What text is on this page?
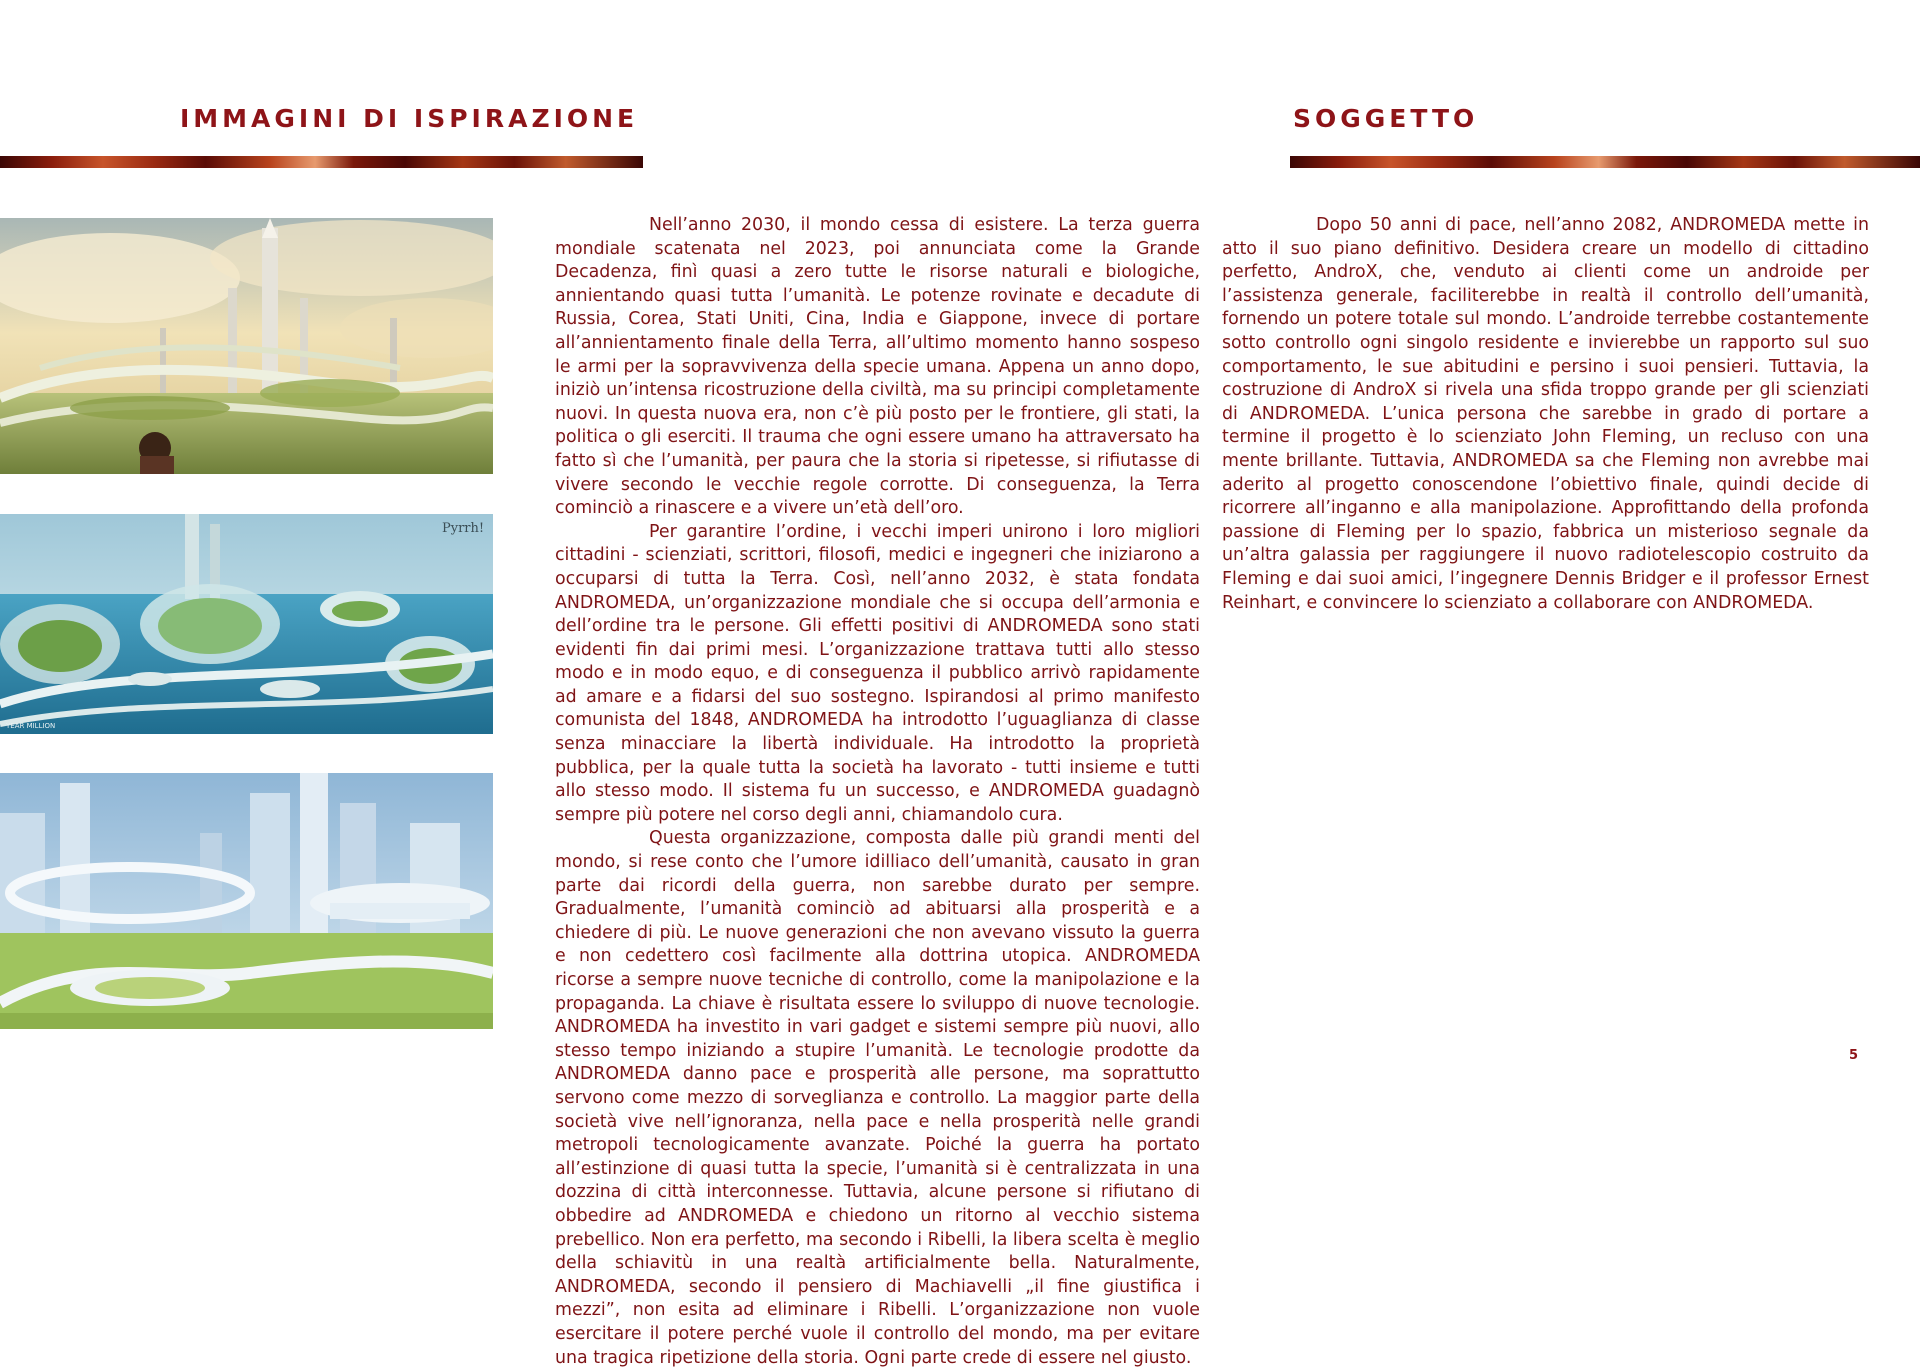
IMMAGINI DI ISPIRAZIONE	SOGGETTO
Pyrrh!
YEAR MILLION

Nell’anno 2030, il mondo cessa di esistere. La terza guerra mondiale scatenata nel 2023, poi annunciata come la Grande Decadenza, finì quasi a zero tutte le risorse naturali e biologiche, annientando quasi tutta l’umanità. Le potenze rovinate e decadute di Russia, Corea, Stati Uniti, Cina, India e Giappone, invece di portare all’annientamento finale della Terra, all’ultimo momento hanno sospeso le armi per la sopravvivenza della specie umana. Appena un anno dopo, iniziò un’intensa ricostruzione della civiltà, ma su principi completamente nuovi. In questa nuova era, non c’è più posto per le frontiere, gli stati, la politica o gli eserciti. Il trauma che ogni essere umano ha attraversato ha fatto sì che l’umanità, per paura che la storia si ripetesse, si rifiutasse di vivere secondo le vecchie regole corrotte. Di conseguenza, la Terra cominciò a rinascere e a vivere un’età dell’oro.

Per garantire l’ordine, i vecchi imperi unirono i loro migliori cittadini - scienziati, scrittori, filosofi, medici e ingegneri che iniziarono a occuparsi di tutta la Terra. Così, nell’anno 2032, è stata fondata ANDROMEDA, un’organizzazione mondiale che si occupa dell’armonia e dell’ordine tra le persone. Gli effetti positivi di ANDROMEDA sono stati evidenti fin dai primi mesi. L’organizzazione trattava tutti allo stesso modo e in modo equo, e di conseguenza il pubblico arrivò rapidamente ad amare e a fidarsi del suo sostegno. Ispirandosi al primo manifesto comunista del 1848, ANDROMEDA ha introdotto l’uguaglianza di classe senza minacciare la libertà individuale. Ha introdotto la proprietà pubblica, per la quale tutta la società ha lavorato - tutti insieme e tutti allo stesso modo. Il sistema fu un successo, e ANDROMEDA guadagnò sempre più potere nel corso degli anni, chiamandolo cura.

Questa organizzazione, composta dalle più grandi menti del mondo, si rese conto che l’umore idilliaco dell’umanità, causato in gran parte dai ricordi della guerra, non sarebbe durato per sempre. Gradualmente, l’umanità cominciò ad abituarsi alla prosperità e a chiedere di più. Le nuove generazioni che non avevano vissuto la guerra e non cedettero così facilmente alla dottrina utopica. ANDROMEDA ricorse a sempre nuove tecniche di controllo, come la manipolazione e la propaganda. La chiave è risultata essere lo sviluppo di nuove tecnologie. ANDROMEDA ha investito in vari gadget e sistemi sempre più nuovi, allo stesso tempo iniziando a stupire l’umanità. Le tecnologie prodotte da ANDROMEDA danno pace e prosperità alle persone, ma soprattutto servono come mezzo di sorveglianza e controllo. La maggior parte della società vive nell’ignoranza, nella pace e nella prosperità nelle grandi metropoli tecnologicamente avanzate. Poiché la guerra ha portato all’estinzione di quasi tutta la specie, l’umanità si è centralizzata in una dozzina di città interconnesse. Tuttavia, alcune persone si rifiutano di obbedire ad ANDROMEDA e chiedono un ritorno al vecchio sistema prebellico. Non era perfetto, ma secondo i Ribelli, la libera scelta è meglio della schiavitù in una realtà artificialmente bella. Naturalmente, ANDROMEDA, secondo il pensiero di Machiavelli „il fine giustifica i mezzi”, non esita ad eliminare i Ribelli. L’organizzazione non vuole esercitare il potere perché vuole il controllo del mondo, ma per evitare una tragica ripetizione della storia. Ogni parte crede di essere nel giusto.

Dopo 50 anni di pace, nell’anno 2082, ANDROMEDA mette in atto il suo piano definitivo. Desidera creare un modello di cittadino perfetto, AndroX, che, venduto ai clienti come un androide per l’assistenza generale, faciliterebbe in realtà il controllo dell’umanità, fornendo un potere totale sul mondo. L’androide terrebbe costantemente sotto controllo ogni singolo residente e invierebbe un rapporto sul suo comportamento, le sue abitudini e persino i suoi pensieri. Tuttavia, la costruzione di AndroX si rivela una sfida troppo grande per gli scienziati di ANDROMEDA. L’unica persona che sarebbe in grado di portare a termine il progetto è lo scienziato John Fleming, un recluso con una mente brillante. Tuttavia, ANDROMEDA sa che Fleming non avrebbe mai aderito al progetto conoscendone l’obiettivo finale, quindi decide di ricorrere all’inganno e alla manipolazione. Approfittando della profonda passione di Fleming per lo spazio, fabbrica un misterioso segnale da un’altra galassia per raggiungere il nuovo radiotelescopio costruito da Fleming e dai suoi amici, l’ingegnere Dennis Bridger e il professor Ernest Reinhart, e convincere lo scienziato a collaborare con ANDROMEDA.

5
